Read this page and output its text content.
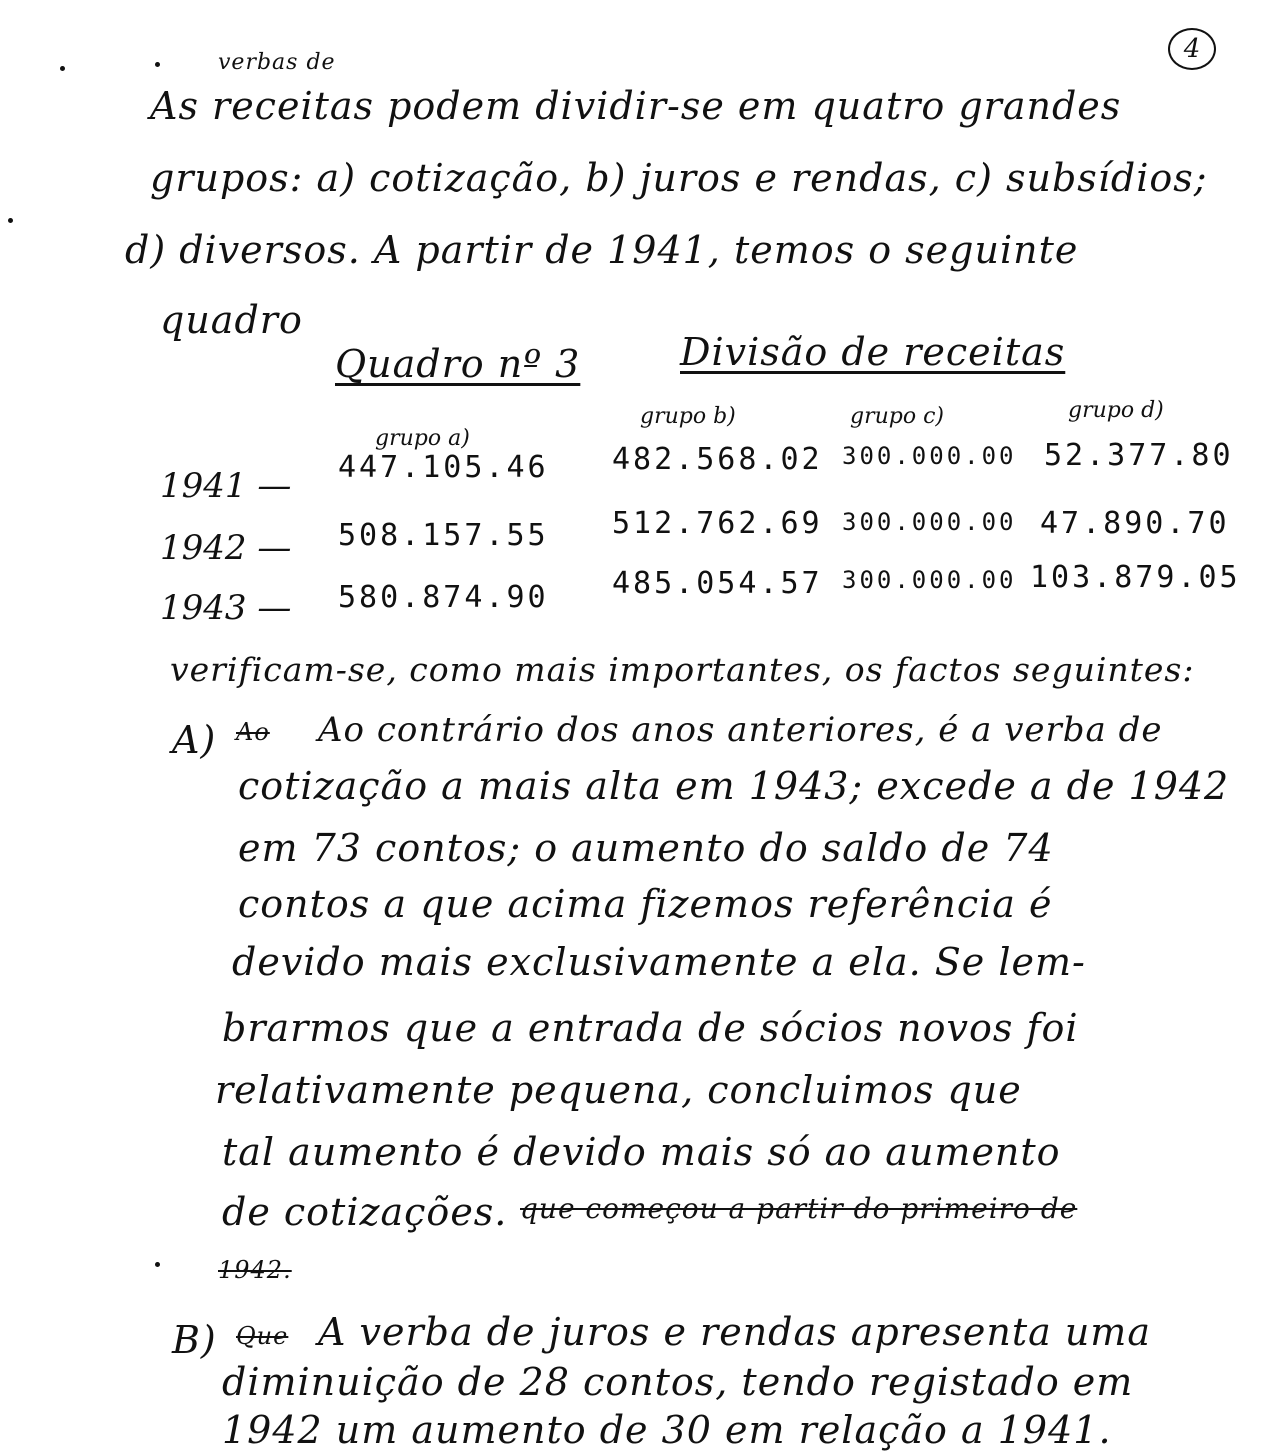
4
verbas de
As receitas podem dividir-se em quatro grandes
grupos: a) cotização, b) juros e rendas, c) subsídios;
d) diversos. A partir de 1941, temos o seguinte
quadro
Quadro nº 3	Divisão de receitas
grupo a)
grupo b)	grupo c)	grupo d)
1941 — 447.105.46 482.568.02 300.000.00 52.377.80
1942 — 508.157.55 512.762.69 300.000.00 47.890.70
1943 — 580.874.90 485.054.57 300.000.00 103.879.05
verificam-se, como mais importantes, os factos seguintes:
A) Ao Ao contrário dos anos anteriores, é a verba de
cotização a mais alta em 1943; excede a de 1942
em 73 contos; o aumento do saldo de 74
contos a que acima fizemos referência é
devido mais exclusivamente a ela. Se lem-
brarmos que a entrada de sócios novos foi
relativamente pequena, concluimos que
tal aumento é devido mais só ao aumento
de cotizações. que começou a partir do primeiro de
1942.
B) Que A verba de juros e rendas apresenta uma
diminuição de 28 contos, tendo registado em
1942 um aumento de 30 em relação a 1941.
